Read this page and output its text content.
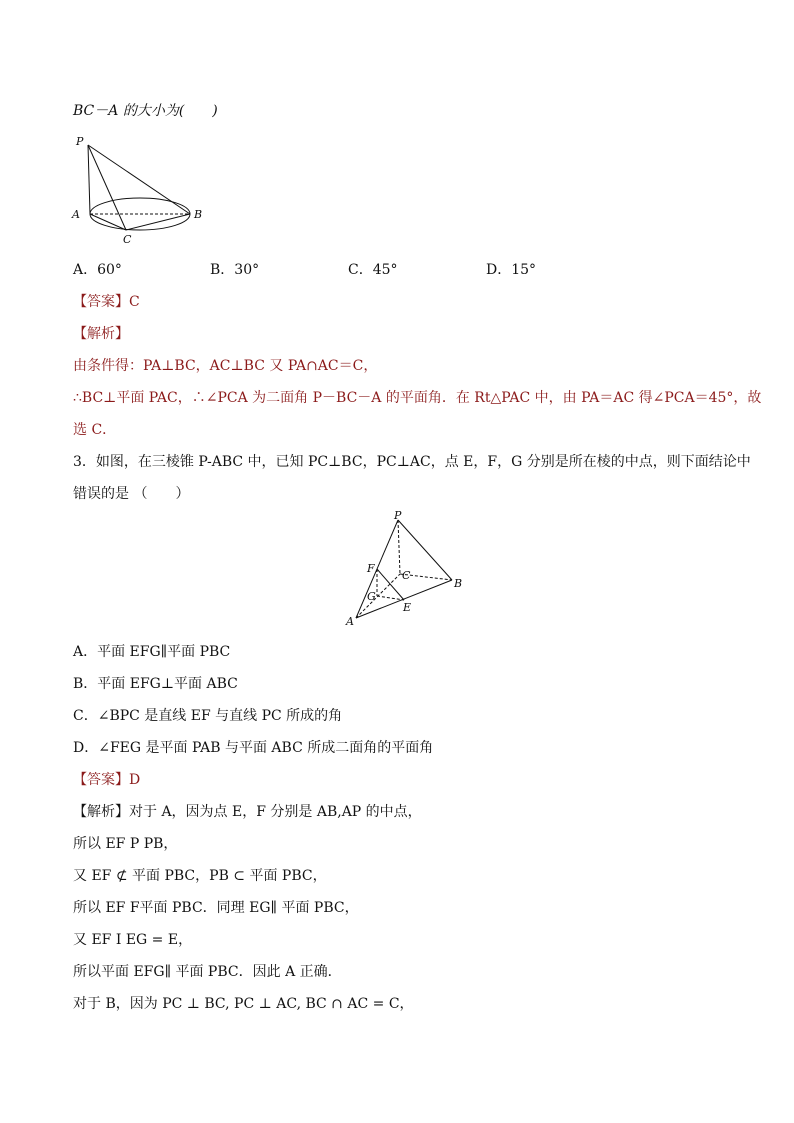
BC－A 的大小为(　　)
P
A	B
C
A．60°	B．30°	C．45°	D．15°
【答案】C
【解析】
由条件得：PA⊥BC，AC⊥BC 又 PA∩AC＝C，
∴BC⊥平面 PAC，∴∠PCA 为二面角 P－BC－A 的平面角．在 Rt△PAC 中，由 PA＝AC 得∠PCA＝45°，故
选 C．
3．如图，在三棱锥 P-ABC 中，已知 PC⊥BC，PC⊥AC，点 E，F，G 分别是所在棱的中点，则下面结论中
错误的是 （　　）
P
C
B
F
G
E
A
A．平面 EFG∥平面 PBC
B．平面 EFG⊥平面 ABC
C．∠BPC 是直线 EF 与直线 PC 所成的角
D．∠FEG 是平面 PAB 与平面 ABC 所成二面角的平面角
【答案】D
【解析】对于 A，因为点 E，F 分别是 AB,AP 的中点，
所以 EF P PB，
又 EF ⊄ 平面 PBC，PB ⊂ 平面 PBC，
所以 EF F平面 PBC．同理 EG∥ 平面 PBC，
又 EF I EG = E，
所以平面 EFG∥ 平面 PBC．因此 A 正确．
对于 B，因为 PC ⊥ BC, PC ⊥ AC, BC ∩ AC = C，
